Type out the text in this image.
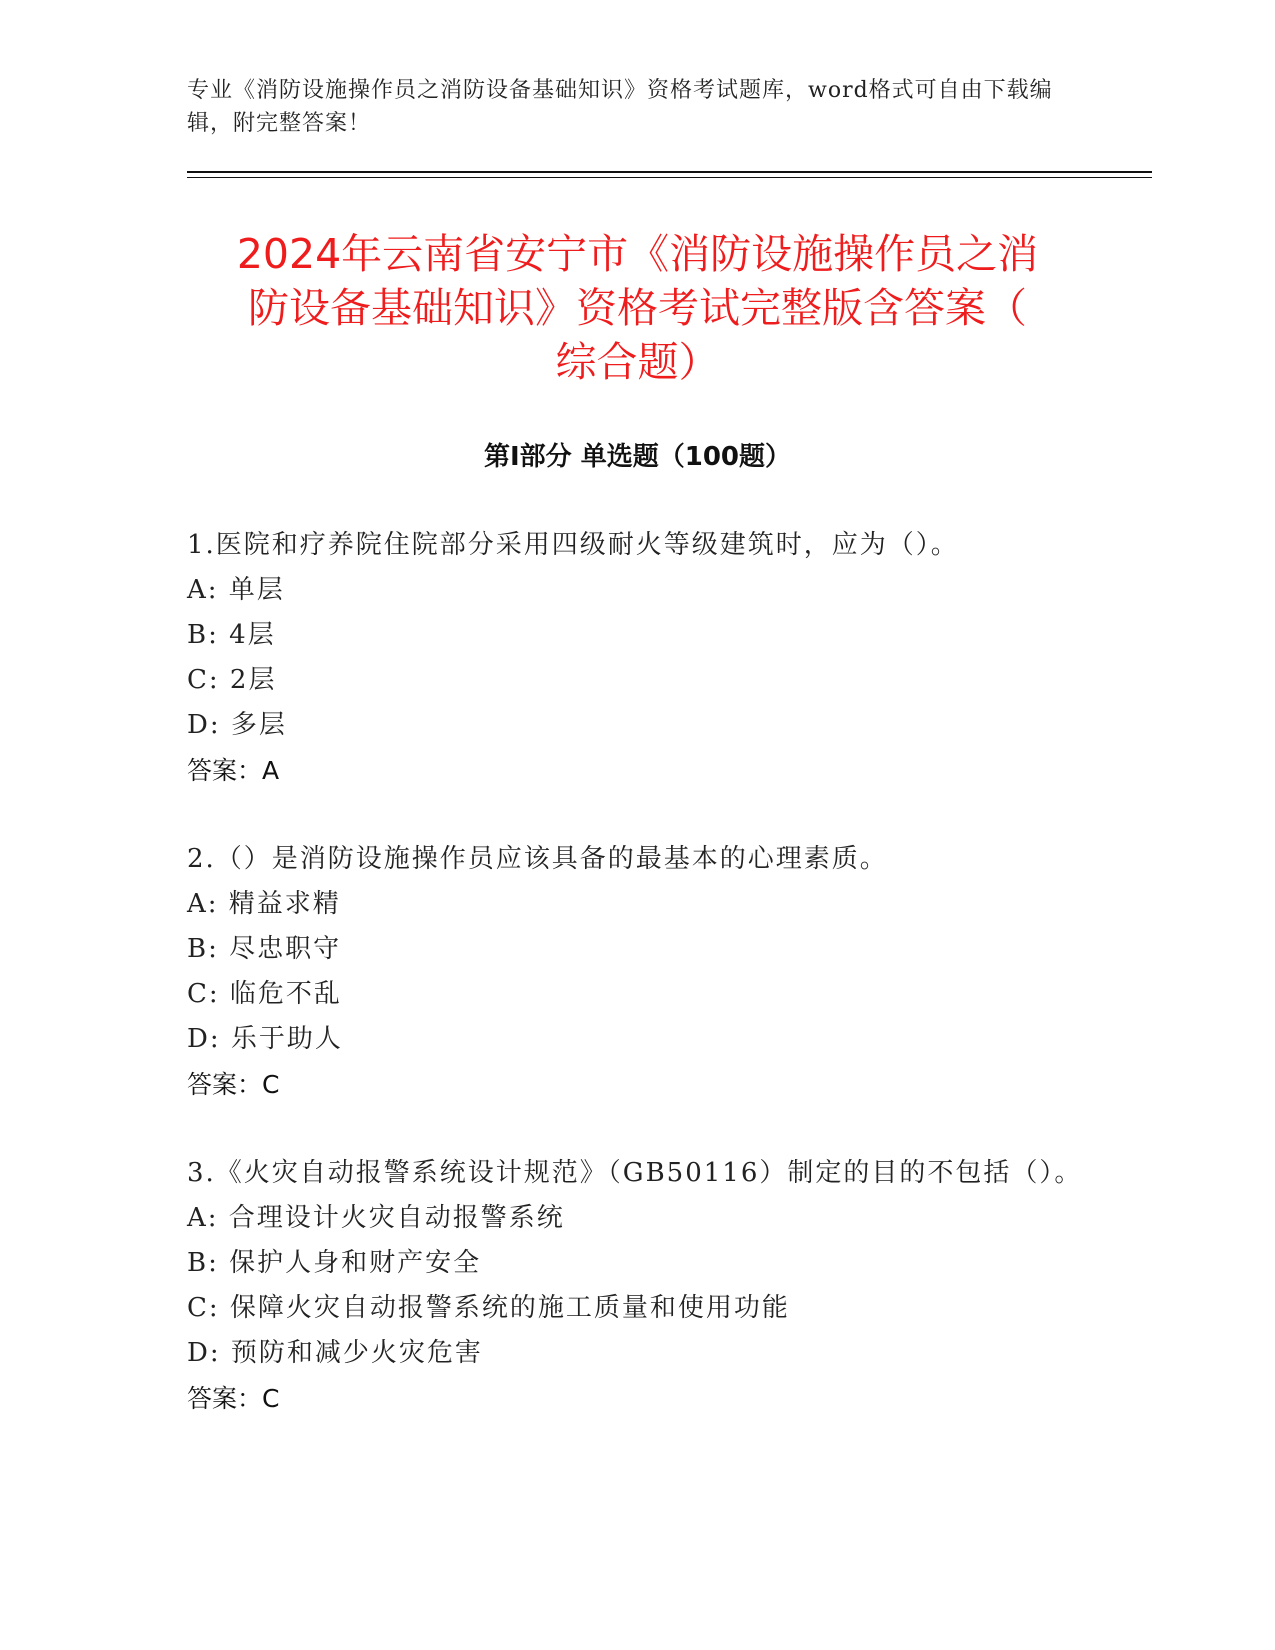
专业《消防设施操作员之消防设备基础知识》资格考试题库，word格式可自由下载编辑，附完整答案！
2024年云南省安宁市《消防设施操作员之消
防设备基础知识》资格考试完整版含答案（
综合题）
第Ⅰ部分 单选题（100题）
1.医院和疗养院住院部分采用四级耐火等级建筑时，应为（）。
A: 单层
B: 4层
C: 2层
D: 多层
答案：A
2.（）是消防设施操作员应该具备的最基本的心理素质。
A: 精益求精
B: 尽忠职守
C: 临危不乱
D: 乐于助人
答案：C
3.《火灾自动报警系统设计规范》（GB50116）制定的目的不包括（）。
A: 合理设计火灾自动报警系统
B: 保护人身和财产安全
C: 保障火灾自动报警系统的施工质量和使用功能
D: 预防和减少火灾危害
答案：C
